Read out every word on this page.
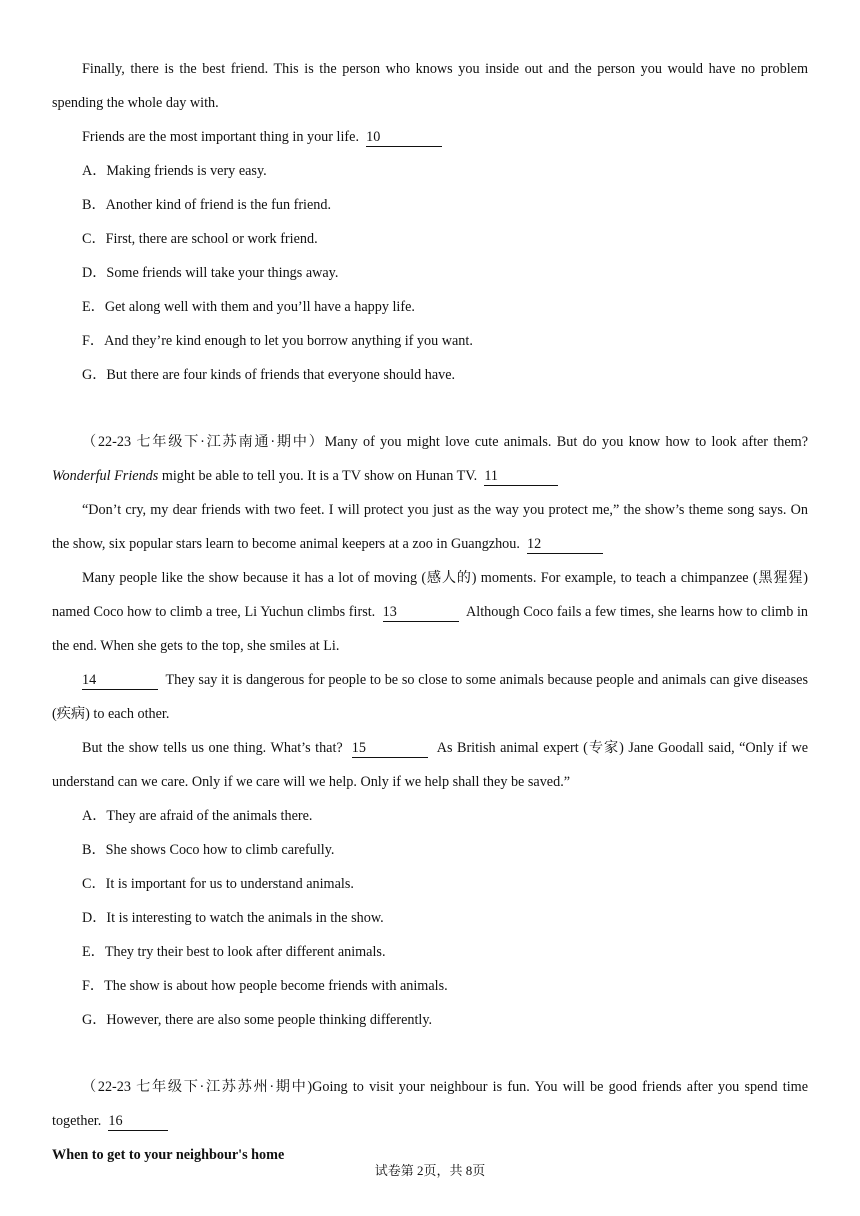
Finally, there is the best friend. This is the person who knows you inside out and the person you would have no problem spending the whole day with.

Friends are the most important thing in your life. 10

A．Making friends is very easy.

B．Another kind of friend is the fun friend.

C．First, there are school or work friend.

D．Some friends will take your things away.

E．Get along well with them and you’ll have a happy life.

F．And they’re kind enough to let you borrow anything if you want.

G．But there are four kinds of friends that everyone should have.

（22-23 七年级下·江苏南通·期中）Many of you might love cute animals. But do you know how to look after them? Wonderful Friends might be able to tell you. It is a TV show on Hunan TV. 11

“Don’t cry, my dear friends with two feet. I will protect you just as the way you protect me,” the show’s theme song says. On the show, six popular stars learn to become animal keepers at a zoo in Guangzhou. 12

Many people like the show because it has a lot of moving (感人的) moments. For example, to teach a chimpanzee (黑猩猩) named Coco how to climb a tree, Li Yuchun climbs first. 13	Although Coco fails a few times, she learns how to climb in the end. When she gets to the top, she smiles at Li.

14	They say it is dangerous for people to be so close to some animals because people and animals can give diseases (疾病) to each other.

But the show tells us one thing. What’s that? 15	As British animal expert (专家) Jane Goodall said, “Only if we understand can we care. Only if we care will we help. Only if we help shall they be saved.”

A．They are afraid of the animals there.

B．She shows Coco how to climb carefully.

C．It is important for us to understand animals.

D．It is interesting to watch the animals in the show.

E．They try their best to look after different animals.

F．The show is about how people become friends with animals.

G．However, there are also some people thinking differently.

（22-23 七年级下·江苏苏州·期中)Going to visit your neighbour is fun. You will be good friends after you spend time together. 16

When to get to your neighbour's home

试卷第 2页，共 8页
